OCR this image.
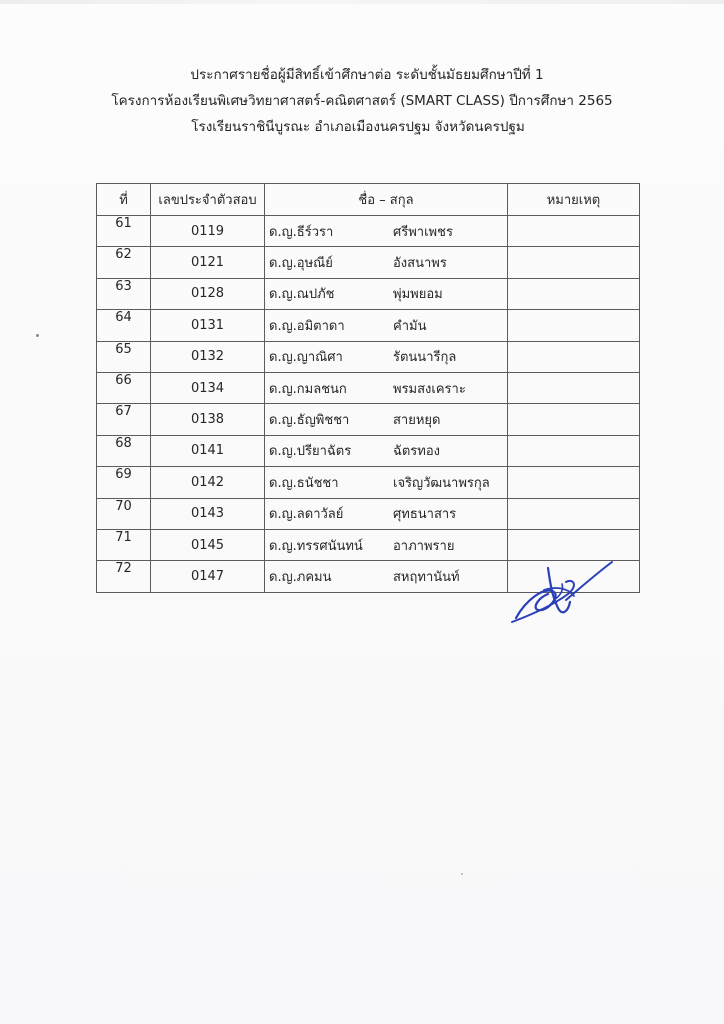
ประกาศรายชื่อผู้มีสิทธิ์เข้าศึกษาต่อ ระดับชั้นมัธยมศึกษาปีที่ 1
โครงการห้องเรียนพิเศษวิทยาศาสตร์-คณิตศาสตร์ (SMART CLASS) ปีการศึกษา 2565
โรงเรียนราชินีบูรณะ อำเภอเมืองนครปฐม จังหวัดนครปฐม
ที่	เลขประจำตัวสอบ	ชื่อ – สกุล	หมายเหตุ
61	0119	ด.ญ.ธีร์วรา ศรีพาเพชร	
62	0121	ด.ญ.อุษณีย์ อังสนาพร	
63	0128	ด.ญ.ณปภัช พุ่มพยอม	
64	0131	ด.ญ.อมิตาดา คำมัน	
65	0132	ด.ญ.ญาณิศา รัตนนารีกุล	
66	0134	ด.ญ.กมลชนก พรมสงเคราะ	
67	0138	ด.ญ.ธัญพิชชา สายหยุด	
68	0141	ด.ญ.ปรียาฉัตร ฉัตรทอง	
69	0142	ด.ญ.ธนัชชา เจริญวัฒนาพรกุล	
70	0143	ด.ญ.ลดาวัลย์ ศุทธนาสาร	
71	0145	ด.ญ.ทรรศนันทน์ อาภาพราย	
72	0147	ด.ญ.ภคมน สหฤทานันท์	
